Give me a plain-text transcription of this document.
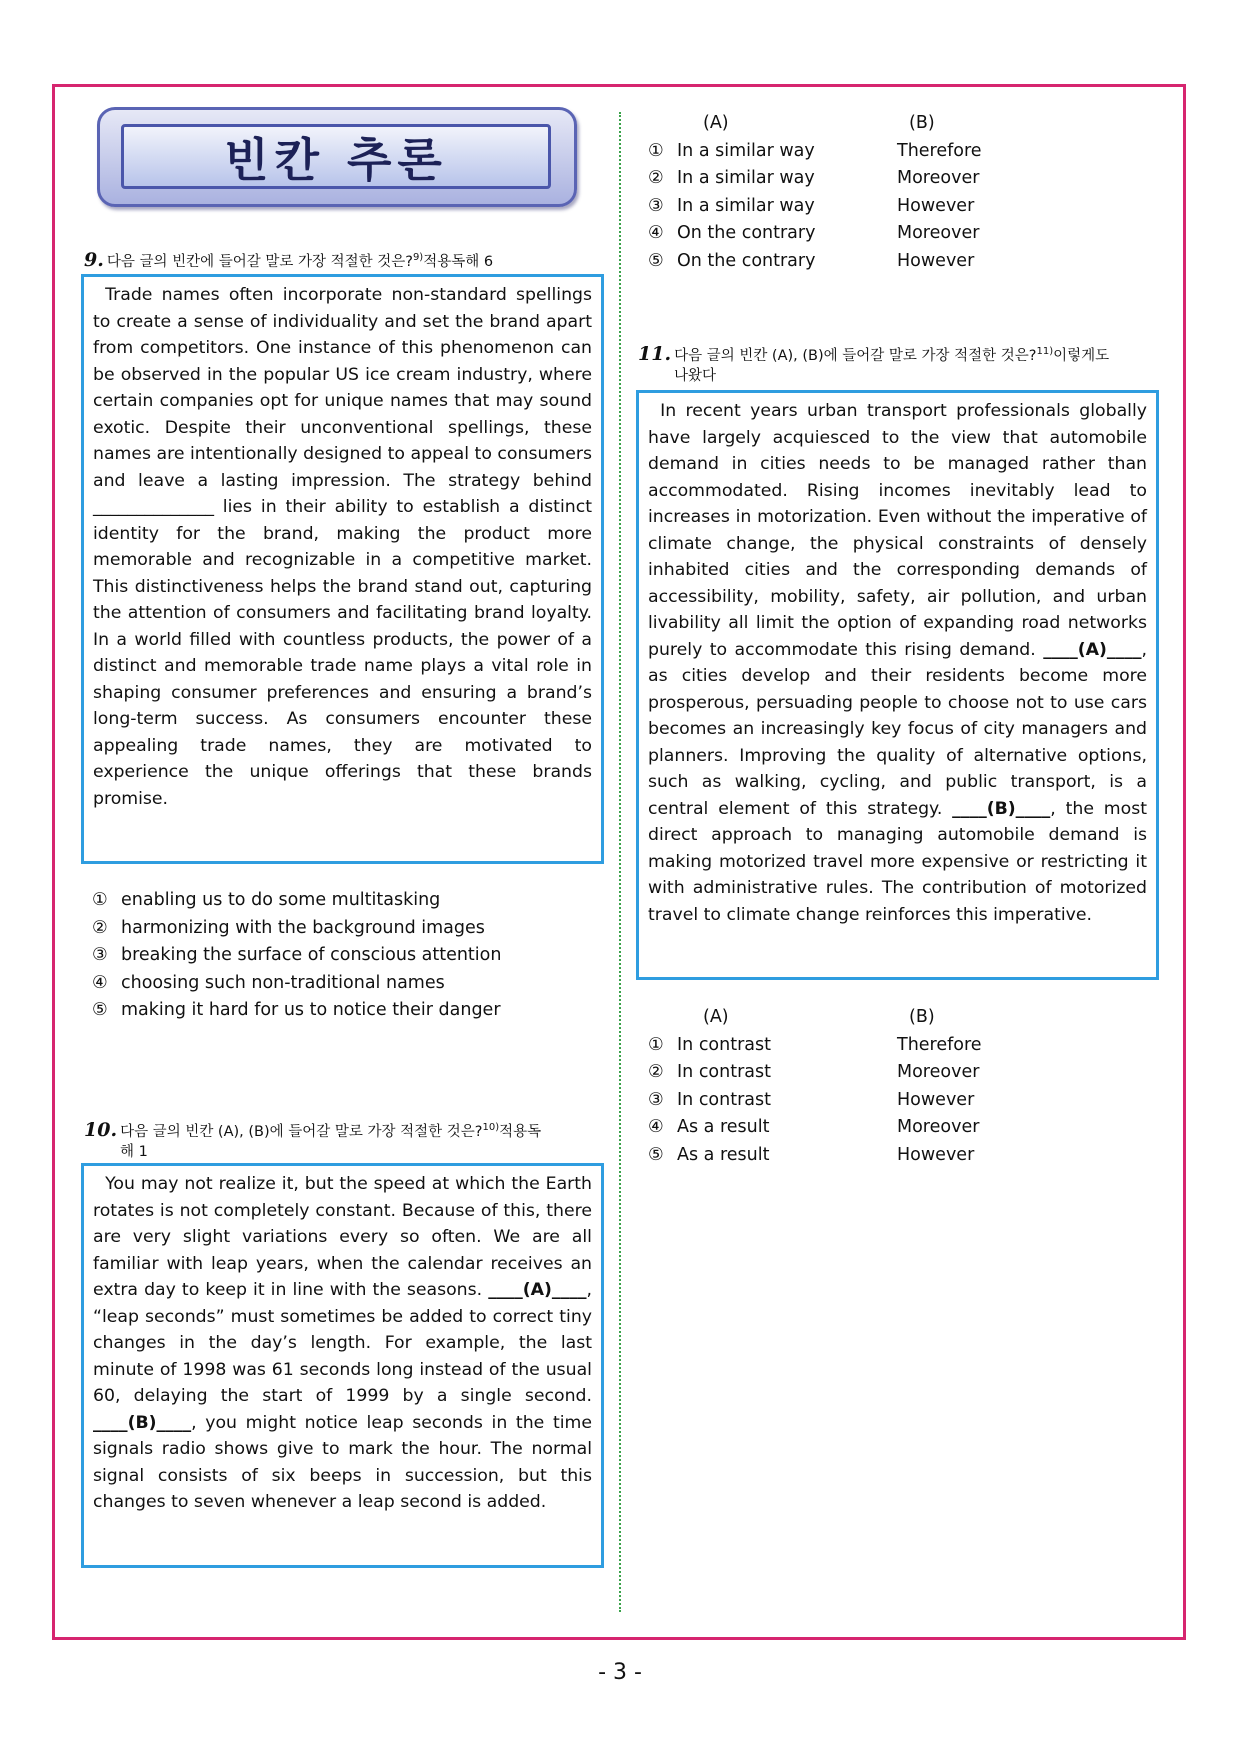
빈칸 추론
9. 다음 글의 빈칸에 들어갈 말로 가장 적절한 것은?$^{9)}$적용독해 6

Trade names often incorporate non-standard spellings to create a sense of individuality and set the brand apart from competitors. One instance of this phenomenon can be observed in the popular US ice cream industry, where certain companies opt for unique names that may sound exotic. Despite their unconventional spellings, these names are intentionally designed to appeal to consumers and leave a lasting impression. The strategy behind ______________ lies in their ability to establish a distinct identity for the brand, making the product more memorable and recognizable in a competitive market. This distinctiveness helps the brand stand out, capturing the attention of consumers and facilitating brand loyalty. In a world filled with countless products, the power of a distinct and memorable trade name plays a vital role in shaping consumer preferences and ensuring a brand’s long-term success. As consumers encounter these appealing trade names, they are motivated to experience the unique offerings that these brands promise.

① enabling us to do some multitasking
② harmonizing with the background images
③ breaking the surface of conscious attention
④ choosing such non-traditional names
⑤ making it hard for us to notice their danger
10. 다음 글의 빈칸 (A), (B)에 들어갈 말로 가장 적절한 것은?$^{10)}$적용독
해 1

You may not realize it, but the speed at which the Earth rotates is not completely constant. Because of this, there are very slight variations every so often. We are all familiar with leap years, when the calendar receives an extra day to keep it in line with the seasons. ____(A)____, “leap seconds” must sometimes be added to correct tiny changes in the day’s length. For example, the last minute of 1998 was 61 seconds long instead of the usual 60, delaying the start of 1999 by a single second. ____(B)____, you might notice leap seconds in the time signals radio shows give to mark the hour. The normal signal consists of six beeps in succession, but this changes to seven whenever a leap second is added.

(A)	(B)
① In a similar way	Therefore
② In a similar way	Moreover
③ In a similar way	However
④ On the contrary	Moreover
⑤ On the contrary	However
11. 다음 글의 빈칸 (A), (B)에 들어갈 말로 가장 적절한 것은?$^{11)}$이렇게도
나왔다

In recent years urban transport professionals globally have largely acquiesced to the view that automobile demand in cities needs to be managed rather than accommodated. Rising incomes inevitably lead to increases in motorization. Even without the imperative of climate change, the physical constraints of densely inhabited cities and the corresponding demands of accessibility, mobility, safety, air pollution, and urban livability all limit the option of expanding road networks purely to accommodate this rising demand. ____(A)____, as cities develop and their residents become more prosperous, persuading people to choose not to use cars becomes an increasingly key focus of city managers and planners. Improving the quality of alternative options, such as walking, cycling, and public transport, is a central element of this strategy. ____(B)____, the most direct approach to managing automobile demand is making motorized travel more expensive or restricting it with administrative rules. The contribution of motorized travel to climate change reinforces this imperative.

(A)	(B)
① In contrast	Therefore
② In contrast	Moreover
③ In contrast	However
④ As a result	Moreover
⑤ As a result	However
- 3 -
